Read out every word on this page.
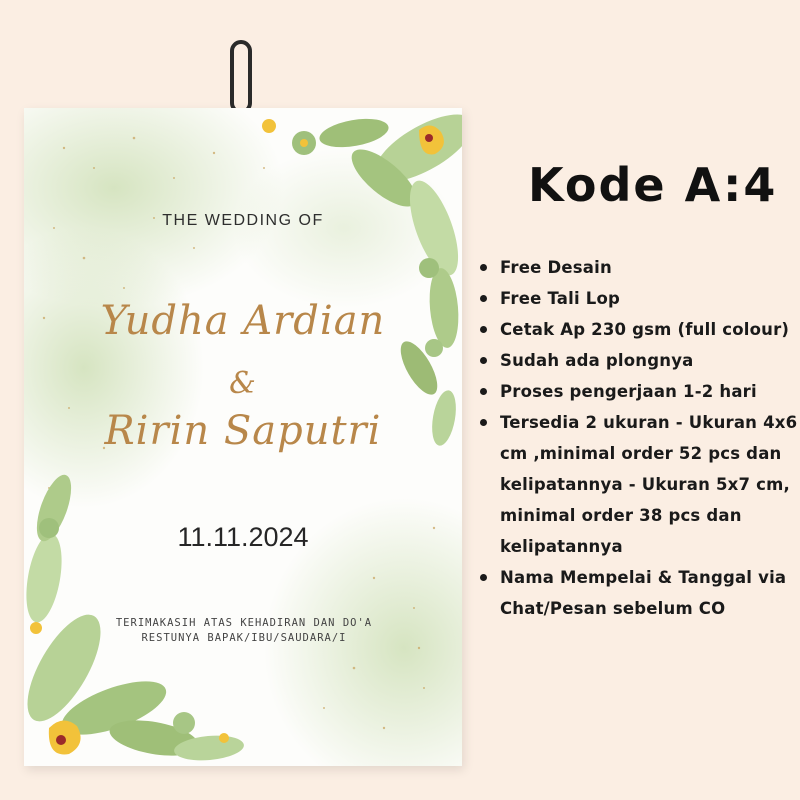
THE WEDDING OF
Yudha Ardian
&
Ririn Saputri
11.11.2024
TERIMAKASIH ATAS KEHADIRAN DAN DO'A
RESTUNYA BAPAK/IBU/SAUDARA/I
Kode A:4
Free Desain
Free Tali Lop
Cetak Ap 230 gsm (full colour)
Sudah ada plongnya
Proses pengerjaan 1-2 hari
Tersedia 2 ukuran - Ukuran 4x6 cm ,minimal order 52 pcs dan kelipatannya - Ukuran 5x7 cm, minimal order 38 pcs dan kelipatannya
Nama Mempelai & Tanggal via Chat/Pesan sebelum CO
